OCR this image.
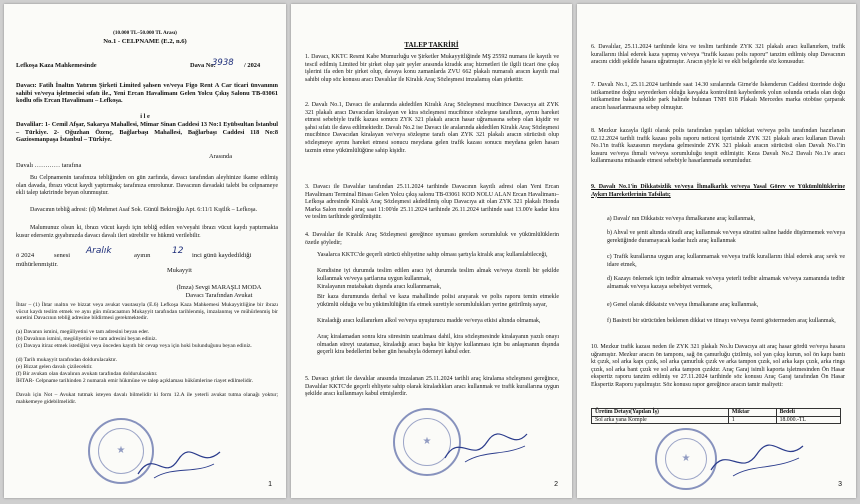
(10.000 TL–50.000 TL Arası)
No.1 - CELPNAME (E.2, n.6)
Lefkoşa Kaza Mahkemesinde	Dava No:
3938 / 2024
Davacı: Fatih İnaltın Yatırım Şirketi Limited şahsen ve/veya Figo Rent A Car ticari ünvanının sahibi ve/veya işletmecisi sıfatı ile., Yeni Ercan Havalimanı Gelen Yolcu Çıkış Salonu TB-03061 kodlu ofis Ercan Havalimanı – Lefkoşa.
i l e
Davalilar: 1- Cemil Afşar, Sakarya Mahallesi, Mimar Sinan Caddesi 13 No:1 Eyübsultan İstanbul – Türkiye. 2- Oğuzhan Özenç, Bağlarbaşı Mahallesi, Bağlarbaşı Caddesi 118 No:8 Gaziosmanpaşa İstanbul – Türkiye.
Arasında
Davalı ………… tarafına
Bu Celpnamenin tarafınıza tebliğinden on gün zarfında, davacı tarafından aleyhinize ikame edilmiş olan davada, ibrazı vücut kaydi yaptırmakç tarafınıza emrolunur. Davacının davadaki talebi bu celpnameye ekli talep takririnde beyan olunmuştur.
Davacının tebliğ adresi: (d) Mehmet Asaf Sok. Günül Bekiroğlu Apt. 6:11/1 Kıştlik – Lefkoşa.
Malumunuz olsun ki, ibrazı vücut kaydı için tebliğ edilen ve/veyahi ibrazı vücut kaydı yaptırmakta kusur ederseniz gıyabınızda davacı davalı ileri sürebilir ve hükmü verilebilir.
ö 2024	senesi Aralık	ayının 12 inci günü kaydedildiği
mühürlenmiştir.
Mukayyit
(İmza) Sevgi MARAŞLI MODA
Davacı Tarafından Avukat
İhtar – (1) İhtar ınaltın ve bizzat veya avukat vasıtasıyla (E.6) Lefkoşa Kaza Mahkemesi Mukayyitliğine bir ibrazı vücut kaydı teslim etmek ve aynı gün müracaatnın Mukayyit tarafından tarihlenmiş, imzalanmış ve mühürlenmiş bir suretini Davacının tebliğ adresine bildirmesi gerekmektedir.
(a) Davanın ismini, megüliyetini ve tam adresini beyan eder.
(b) Davalının ismini, megüliyetini ve tam adresini beyan ediniz.
(c) Davaya itiraz etmek istediğini veya önceden kayıtlı bir cevap veya için hoki bulunduğunu beyan ediniz.
(d) Tarih mukayyit tarafından doldurulacaktır.
(e) Bizzat gelen davalı çizilecektir.
(f) Bir avukatı olan davalının avukatı tarafından doldurulacaktır.
İHTAR- Celpname tarihinden 2 numaralı emir hükmüne ve talep açıklaması hükümlerine riayet edilmelidir.
Davalı için Not – Avukat tutmak isteyen davalı bilmelidir ki form 12.A ile yeterli avukat tutma olanağı yoktur; mahkemeye gidebilmelidir.
★
1
TALEP TAKRİRİ
1. Davacı, KKTC Resmi Kabe Mumurluğu ve Şirketler Mukayyitliğinde MŞ 25592 numara ile kayıtlı ve tescil edilmiş Limited bir şirket olup şair şeyler arasında kiradık araç hizmetleri ile ilgili ticari öne çıkış işlerini ifa eden bir şirket olup, davaya konu zamanlarda ZVU 662 plakalı numaralı aracın kayıtlı mal sahibi olup söz konusu aracı Davalılar ile Kiralık Araç Sözleşmesi imzalamış olan şirkettir.
2. Davalı No.1, Davacı ile aralarında akdedilen Kiralık Araç Sözleşmesi mucibince Davacıya ait ZYK 321 plakalı aracı Davacıdan kiralayan ve kira sözleşmesi mucibince sözleşme taraflının, ayrını hareket etmesi sebebiyle trafik kazası sonucu ZYK 321 plakalı aracın hasar uğramasına sebep olan kişidir ve şahsi sıfatı ile dava edilmektedir. Davalı No.2 ise Davacı ile aralarında akdedilen Kiralık Araç Sözleşmesi mucibince Davacıdan kiralayan ve/veya sözleşme tarafı olan ZYK 321 plakalı aracın sürücüsü olup sözleşmeye ayrını hareket etmesi sonucu meydana gelen trafik kazası sonucu meydana gelen hasarı tazmin etme yükümlülüğüne sahip kişidir.
3. Davacı ile Davalılar tarafından 25.11.2024 tarihinde Davacının kayıtlı adresi olan Yeni Ercan Havalimanı Terminal Binası Gelen Yolcu çıkış salonu TB-03061 KOD NOLU ALAN Ercan Havalimanı–Lefkoşa adresinde Kiralık Araç Sözleşmesi akdedilmiş olup Davacıya ait olan ZYK 321 plakalı Honda Marka Salon model araç saat 11:00'de 25.11.2024 tarihinde 26.11.2024 tarihinde saat 13.00'e kadar kira ve teslim tarihinde görülmüştür.
4. Davalılar ile Kiralık Araç Sözleşmesi gereğince uyuması gereken sorumluluk ve yükümlülüklerin özetle şöyledir;
Yasalarca KKTC'de geçerli sürücü ehliyetine sahip olması şartıyla kiralık araç kullanılabileceği,
Kendisine iyi durumda teslim edilen aracı iyi durumda teslim almak ve/veya özenli bir şekilde kullanmak ve/veya şartlarına uygun kullanmak,
Kiralayanın mutabakatı dışında aracı kullanmamak,
Bir kaza durumunda derhal ve kaza mahallinde polisi arayarak ve polis raporu temin etmekle yükümlü olduğu ve bu yükümlülüğün ifa etmek suretiyle sorumlulukları yerine getirilmiş sayar,
Kiraladığı aracı kullanırken alkol ve/veya uyuşturucu madde ve/veya etkisi altında olmamak,
Araç kiralamadan sonra kira süresinin uzatılması dahil, kira sözleşmesinde kiralayanın yazılı onayı olmadan süreyi uzatamaz, kiraladığı aracı başka bir kişiye kullanması için bu anlaşmanın dışında geçerli kira bedellerini beher gün hesabıyla ödemeyi kabul eder.
5. Davacı şirket ile davalılar arasında imzalanan 25.11.2024 tarihli araç kiralama sözleşmesi gereğince, Davalılar KKTC'de geçerli ehliyete sahip olarak kiraladıkları aracı kullanmak ve trafik kurallarına uygun şekilde aracı kullanmayı kabul etmişlerdir.
★
2
6. Davalılar, 25.11.2024 tarihinde kira ve teslim tarihinde ZYK 321 plakalı aracı kullanırken, trafik kurallarını ihlal ederek kaza yapmış ve/veya “trafik kazası polis raporu” tanzim edilmiş olup Davacının aracını ciddi şekilde hasara uğratmıştır. Aracın şöyle ki ve ekli belgelerde söz konusudur.
7. Davalı No.1, 25.11.2024 tarihinde saat 14.30 sıralarında Girne'de İskenderun Caddesi üzerinde doğu istikametine doğru seyrederken olduğu kavşakta kontrolünü kaybederek yolun solunda ortada olan doğu istikametine bakar şekilde park halinde bulunan TNH 818 Plakalı Mercedes marka otobüse çarparak aracın hasarlanmasına sebep olmuştur.
8. Mezkur kazayla ilgili olarak polis tarafından yapılan tahkikat ve/veya polis tarafından hazırlanan 02.12.2024 tarihli trafik kazası polis raporu neticesi içerisinde ZYK 321 plakalı aracı kullanan Davalı No.1'in trafik kazasının meydana gelmesinde ZYK 321 plakalı aracın sürücüsü olan Davalı No.1'in kusuru ve/veya ihmali ve/veya sorumluluğu tespit edilmiştir. Keza Davalı No.2 Davalı No.1'e aracı kullanmasına müsaade etmesi sebebiyle hasarlanmada sorumludur.
9. Davalı No.1'in Dikkatsizlik ve/veya İhmalkarlık ve/veya Yasal Görev ve Yükümlülüklerine Aykırı Hareketlerinin Tafsilatı;
a) Davalı' nın Dikkatsiz ve/veya ihmalkarane araç kullanmak,
b) Ahval ve şenit altında süratli araç kullanmak ve/veya süratini saline hadde düşürmemek ve/veya gerektiğinde duramayacak kadar hızlı araç kullanmak
c) Trafik kurallarına uygun araç kullanmamak ve/veya trafik kurallarını ihlal ederek araç sevk ve idare etmek,
d) Kazayı önlemek için tedbir almamak ve/veya yeterli tedbir almamak ve/veya zamanında tedbir almamak ve/veya kazaya sebebiyet vermek,
e) Genel olarak dikkatsiz ve/veya ihmalkarane araç kullanmak,
f) Basireti bir sürücüden beklenen dikkat ve itinayı ve/veya özeni göstermeden araç kullanmak,
10. Mezkur trafik kazası neden ile ZYK 321 plakalı No.lu Davacıya ait araç hasar gördü ve/veya hasara uğramıştır. Mezkur aracın ön tamponı, sağ ön çamurluğu çizilmiş, sol yan çıkış kurun, sol ön kapı bantı kt çızık, sol arka kapı çızık, sol arka çamurluk çızık ve arka tampon çızık, sol arka kapı çızık, arka rings çızık, sol arka bant çızık ve sol arka tampon çızıktır. Araç Garaj isimli kaporta işletmesinden Ön Hasar ekspertiz raporu tanzim edilmiş ve 27.11.2024 tarihinde söz konusu Araç Garaj tarafından Ön Hasar Ekspertiz Raporu yapılmıştır. Söz konusu rapor gereğince aracın tamir maliyeti:
Üretim Detayı(Yapılan İş)	Miktar	Bedeli
Sol arka yana Komple	1	18.000.-TL
★
3
